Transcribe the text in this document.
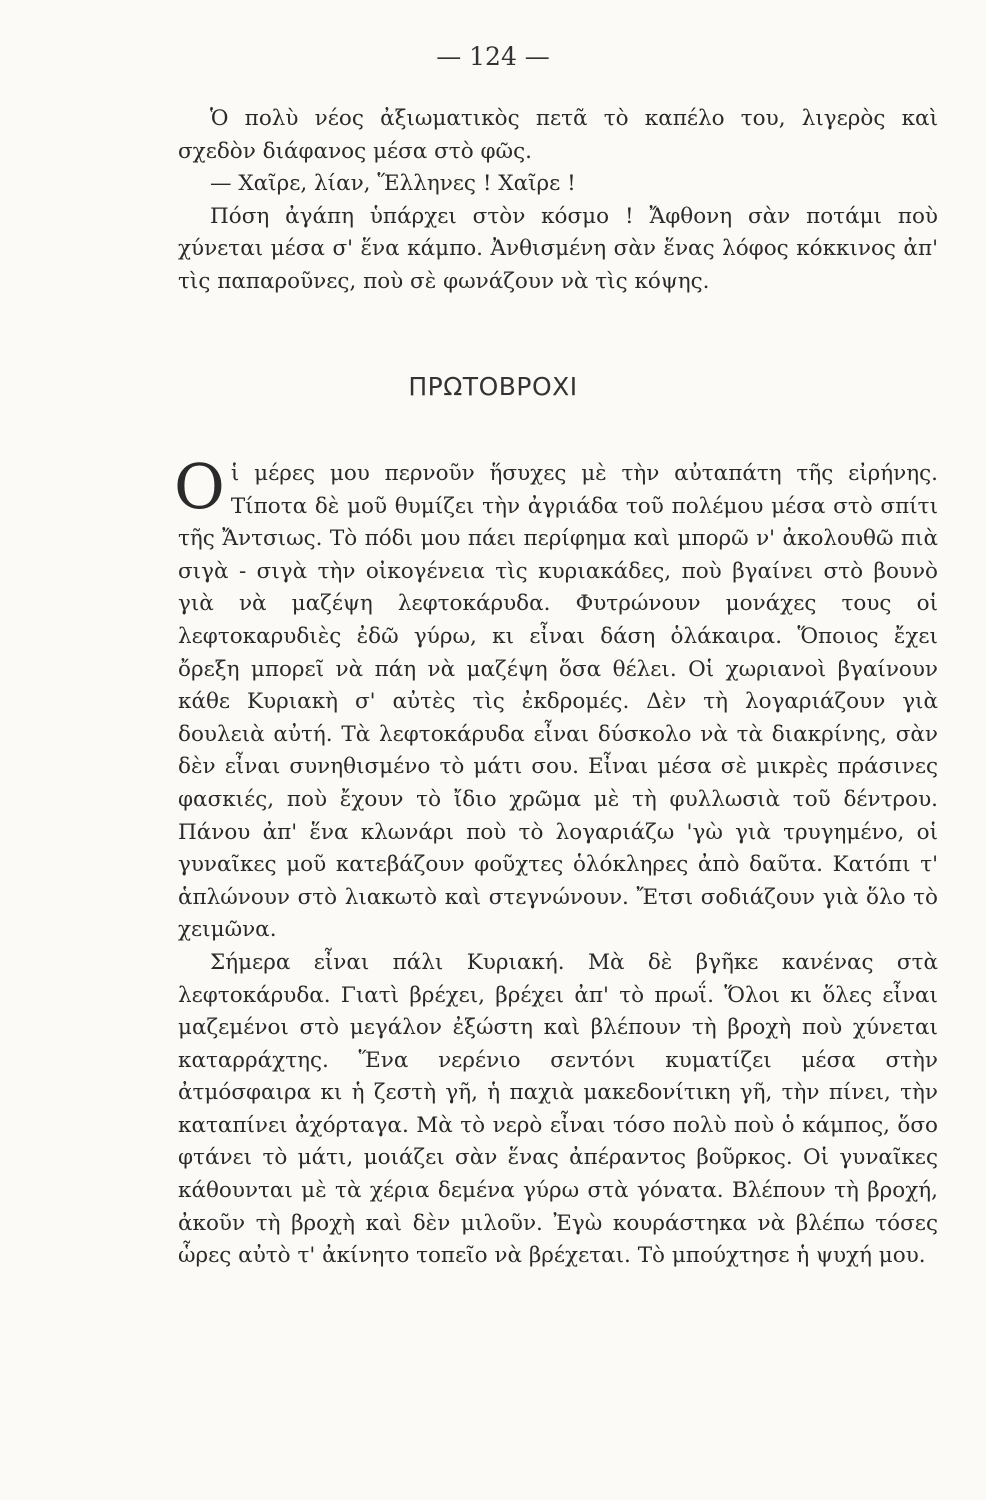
— 124 —

Ὁ πολὺ νέος ἀξιωματικὸς πετᾶ τὸ καπέλο του, λιγερὸς καὶ σχεδὸν διάφανος μέσα στὸ φῶς.

— Χαῖρε, λίαν, Ἕλληνες ! Χαῖρε !

Πόση ἀγάπη ὑπάρχει στὸν κόσμο ! Ἄφθονη σὰν ποτάμι ποὺ χύνεται μέσα σ' ἕνα κάμπο. Ἀνθισμένη σὰν ἕνας λόφος κόκκινος ἀπ' τὶς παπαροῦνες, ποὺ σὲ φωνάζουν νὰ τὶς κόψης.

ΠΡΩΤΟΒΡΟΧΙ

Οἱ μέρες μου περνοῦν ἥσυχες μὲ τὴν αὐταπάτη τῆς εἰρήνης. Τίποτα δὲ μοῦ θυμίζει τὴν ἀγριάδα τοῦ πολέμου μέσα στὸ σπίτι τῆς Ἄντσιως. Τὸ πόδι μου πάει περίφημα καὶ μπορῶ ν' ἀκολουθῶ πιὰ σιγὰ - σιγὰ τὴν οἰκογένεια τὶς κυριακάδες, ποὺ βγαίνει στὸ βουνὸ γιὰ νὰ μαζέψη λεφτοκάρυδα. Φυτρώνουν μονάχες τους οἱ λεφτοκαρυδιὲς ἐδῶ γύρω, κι εἶναι δάση ὁλάκαιρα. Ὅποιος ἔχει ὄρεξη μπορεῖ νὰ πάη νὰ μαζέψη ὅσα θέλει. Οἱ χωριανοὶ βγαίνουν κάθε Κυριακὴ σ' αὐτὲς τὶς ἐκδρομές. Δὲν τὴ λογαριάζουν γιὰ δουλειὰ αὐτή. Τὰ λεφτοκάρυδα εἶναι δύσκολο νὰ τὰ διακρίνης, σὰν δὲν εἶναι συνηθισμένο τὸ μάτι σου. Εἶναι μέσα σὲ μικρὲς πράσινες φασκιές, ποὺ ἔχουν τὸ ἴδιο χρῶμα μὲ τὴ φυλλωσιὰ τοῦ δέντρου. Πάνου ἀπ' ἕνα κλωνάρι ποὺ τὸ λογαριάζω 'γὼ γιὰ τρυγημένο, οἱ γυναῖκες μοῦ κατεβάζουν φοῦχτες ὁλόκληρες ἀπὸ δαῦτα. Κατόπι τ' ἁπλώνουν στὸ λιακωτὸ καὶ στεγνώνουν. Ἔτσι σοδιάζουν γιὰ ὅλο τὸ χειμῶνα.

Σήμερα εἶναι πάλι Κυριακή. Μὰ δὲ βγῆκε κανένας στὰ λεφτοκάρυδα. Γιατὶ βρέχει, βρέχει ἀπ' τὸ πρωΐ. Ὅλοι κι ὅλες εἶναι μαζεμένοι στὸ μεγάλον ἐξώστη καὶ βλέπουν τὴ βροχὴ ποὺ χύνεται καταρράχτης. Ἕνα νερένιο σεντόνι κυματίζει μέσα στὴν ἀτμόσφαιρα κι ἡ ζεστὴ γῆ, ἡ παχιὰ μακεδονίτικη γῆ, τὴν πίνει, τὴν καταπίνει ἀχόρταγα. Μὰ τὸ νερὸ εἶναι τόσο πολὺ ποὺ ὁ κάμπος, ὅσο φτάνει τὸ μάτι, μοιάζει σὰν ἕνας ἀπέραντος βοῦρκος. Οἱ γυναῖκες κάθουνται μὲ τὰ χέρια δεμένα γύρω στὰ γόνατα. Βλέπουν τὴ βροχή, ἀκοῦν τὴ βροχὴ καὶ δὲν μιλοῦν. Ἐγὼ κουράστηκα νὰ βλέπω τόσες ὧρες αὐτὸ τ' ἀκίνητο τοπεῖο νὰ βρέχεται. Τὸ μπούχτησε ἡ ψυχή μου.
